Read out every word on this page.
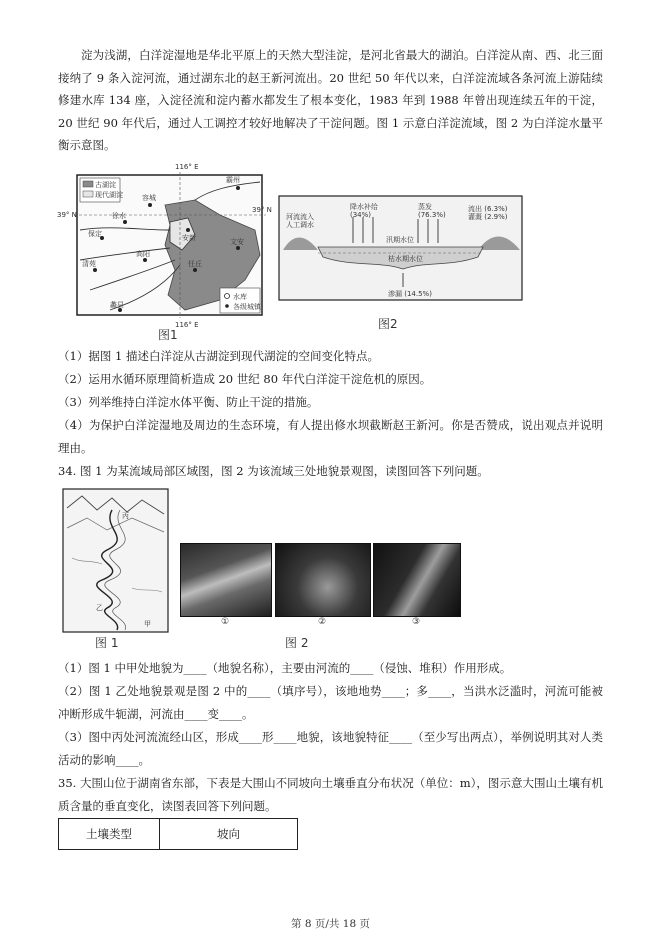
淀为浅湖，白洋淀湿地是华北平原上的天然大型洼淀，是河北省最大的湖泊。白洋淀从南、西、北三面接纳了 9 条入淀河流，通过湖东北的赵王新河流出。20 世纪 50 年代以来，白洋淀流域各条河流上游陆续修建水库 134 座，入淀径流和淀内蓄水都发生了根本变化，1983 年到 1988 年曾出现连续五年的干淀，20 世纪 90 年代后，通过人工调控才较好地解决了干淀问题。图 1 示意白洋淀流域，图 2 为白洋淀水量平衡示意图。

霸州
容城
徐水
安新
保定
清苑
高阳
任丘
文安
蠡县
116° E
116° E
39° N
39° N
古湖淀
现代湖淀
水库
各级城镇
图1
河流流入人工调水
降水补给(34%)
蒸发(76.3%)
流出 (6.3%)灌溉 (2.9%)
汛期水位
枯水期水位
渗漏 (14.5%)
图2
（1）据图 1 描述白洋淀从古湖淀到现代湖淀的空间变化特点。
（2）运用水循环原理简析造成 20 世纪 80 年代白洋淀干淀危机的原因。
（3）列举维持白洋淀水体平衡、防止干淀的措施。

（4）为保护白洋淀湿地及周边的生态环境，有人提出修水坝截断赵王新河。你是否赞成，说出观点并说明理由。

34. 图 1 为某流域局部区域图，图 2 为该流域三处地貌景观图，读图回答下列问题。
丙
乙
甲
图 1
①	②	③
图 2
（1）图 1 中甲处地貌为____（地貌名称），主要由河流的____（侵蚀、堆积）作用形成。

（2）图 1 乙处地貌景观是图 2 中的____（填序号），该地地势____；多____，当洪水泛滥时，河流可能被冲断形成牛轭湖，河流由____变____。

（3）图中丙处河流流经山区，形成____形____地貌，该地貌特征____（至少写出两点），举例说明其对人类活动的影响____。

35. 大围山位于湖南省东部，下表是大围山不同坡向土壤垂直分布状况（单位：m），图示意大围山土壤有机质含量的垂直变化，读图表回答下列问题。

土壤类型	坡向
第 8 页/共 18 页
